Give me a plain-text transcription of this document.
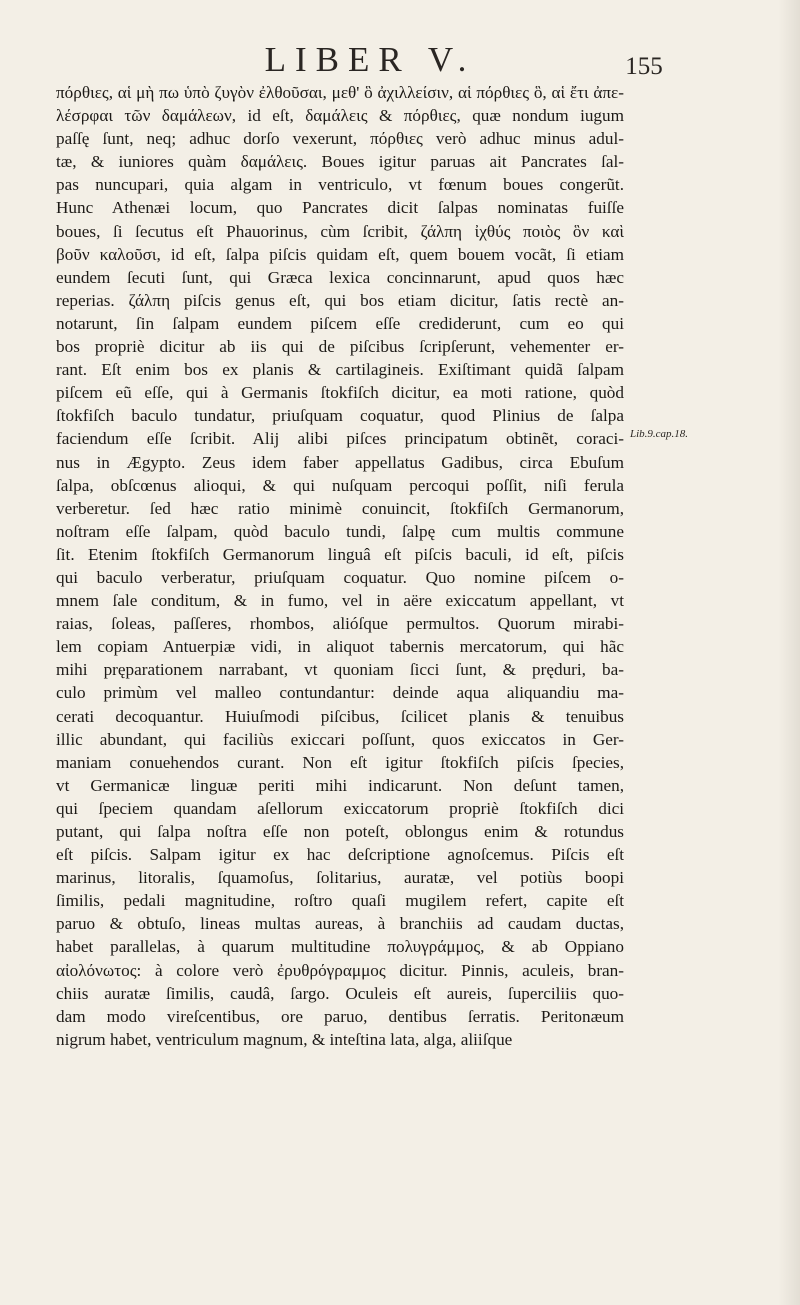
LIBER V.	155
πόρθιες, αἱ μὴ πω ὑπὸ ζυγὸν ἐλθοῦσαι, μεθ' ὃ ἀχιλλείσιν, αἱ πόρθιες ὃ, αἱ ἔτι ἀπε-
λέσρφαι τῶν δαμάλεων, id eſt, δαμάλεις & πόρθιες, quæ nondum iugum
paſſę ſunt, neq; adhuc dorſo vexerunt, πόρθιες verò adhuc minus adul-
tæ, & iuniores quàm δαμάλεις. Boues igitur paruas ait Pancrates ſal-
pas nuncupari, quia algam in ventriculo, vt fœnum boues congerũt.
Hunc Athenæi locum, quo Pancrates dicit ſalpas nominatas fuiſſe
boues, ſi ſecutus eſt Phauorinus, cùm ſcribit, ζάλπη ἰχθύς ποιὸς ὃν καὶ
βοῦν καλοῦσι, id eſt, ſalpa piſcis quidam eſt, quem bouem vocãt, ſi etiam
eundem ſecuti ſunt, qui Græca lexica concinnarunt, apud quos hæc
reperias. ζάλπη piſcis genus eſt, qui bos etiam dicitur, ſatis rectè an-
notarunt, ſin ſalpam eundem piſcem eſſe crediderunt, cum eo qui
bos propriè dicitur ab iis qui de piſcibus ſcripſerunt, vehementer er-
rant. Eſt enim bos ex planis & cartilagineis. Exiſtimant quidã ſalpam
piſcem eũ eſſe, qui à Germanis ſtokfiſch dicitur, ea moti ratione, quòd
ſtokfiſch baculo tundatur, priuſquam coquatur, quod Plinius de ſalpa
faciendum eſſe ſcribit. Alij alibi piſces principatum obtinẽt, coraci-
nus in Ægypto. Zeus idem faber appellatus Gadibus, circa Ebuſum
ſalpa, obſcœnus alioqui, & qui nuſquam percoqui poſſit, niſi ferula
verberetur. ſed hæc ratio minimè conuincit, ſtokfiſch Germanorum,
noſtram eſſe ſalpam, quòd baculo tundi, ſalpę cum multis commune
ſit. Etenim ſtokfiſch Germanorum linguâ eſt piſcis baculi, id eſt, piſcis
qui baculo verberatur, priuſquam coquatur. Quo nomine piſcem o-
mnem ſale conditum, & in fumo, vel in aëre exiccatum appellant, vt
raias, ſoleas, paſſeres, rhombos, alióſque permultos. Quorum mirabi-
lem copiam Antuerpiæ vidi, in aliquot tabernis mercatorum, qui hãc
mihi pręparationem narrabant, vt quoniam ſicci ſunt, & pręduri, ba-
culo primùm vel malleo contundantur: deinde aqua aliquandiu ma-
cerati decoquantur. Huiuſmodi piſcibus, ſcilicet planis & tenuibus
illic abundant, qui faciliùs exiccari poſſunt, quos exiccatos in Ger-
maniam conuehendos curant. Non eſt igitur ſtokfiſch piſcis ſpecies,
vt Germanicæ linguæ periti mihi indicarunt. Non deſunt tamen,
qui ſpeciem quandam aſellorum exiccatorum propriè ſtokfiſch dici
putant, qui ſalpa noſtra eſſe non poteſt, oblongus enim & rotundus
eſt piſcis. Salpam igitur ex hac deſcriptione agnoſcemus. Piſcis eſt
marinus, litoralis, ſquamoſus, ſolitarius, auratæ, vel potiùs boopi
ſimilis, pedali magnitudine, roſtro quaſi mugilem refert, capite eſt
paruo & obtuſo, lineas multas aureas, à branchiis ad caudam ductas,
habet parallelas, à quarum multitudine πολυγράμμος, & ab Oppiano
αἰολόνωτος: à colore verò ἐρυθρόγραμμος dicitur. Pinnis, aculeis, bran-
chiis auratæ ſimilis, caudâ, ſargo. Oculeis eſt aureis, ſuperciliis quo-
dam modo vireſcentibus, ore paruo, dentibus ſerratis. Peritonæum
nigrum habet, ventriculum magnum, & inteſtina lata, alga, aliiſque
Lib.9.cap.18.
